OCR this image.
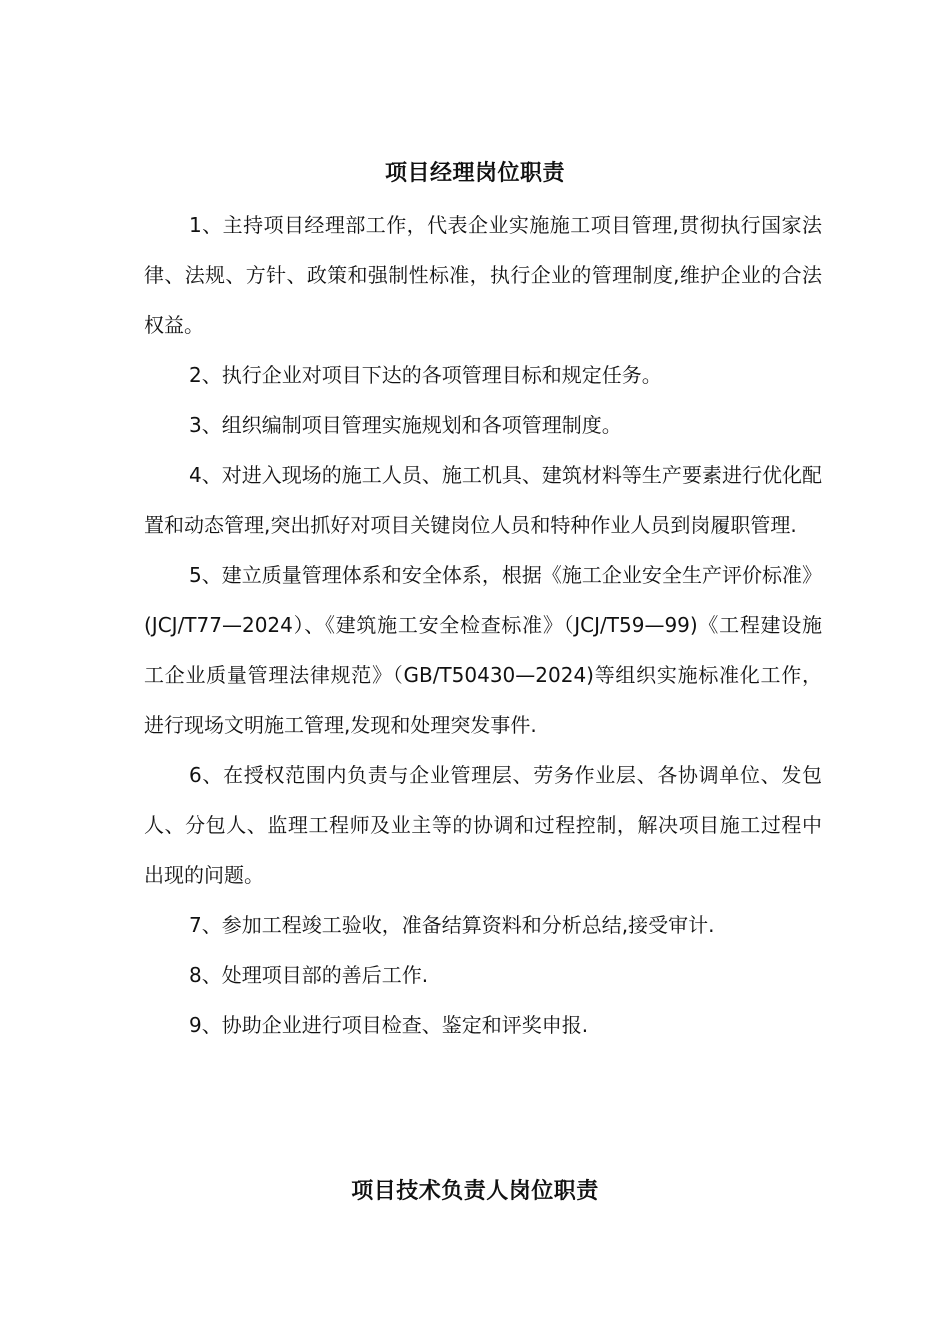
项目经理岗位职责
1、主持项目经理部工作，代表企业实施施工项目管理,贯彻执行国家法律、法规、方针、政策和强制性标准，执行企业的管理制度,维护企业的合法权益。
2、执行企业对项目下达的各项管理目标和规定任务。
3、组织编制项目管理实施规划和各项管理制度。
4、对进入现场的施工人员、施工机具、建筑材料等生产要素进行优化配置和动态管理,突出抓好对项目关键岗位人员和特种作业人员到岗履职管理.
5、建立质量管理体系和安全体系，根据《施工企业安全生产评价标准》(JCJ/T77—2024）、《建筑施工安全检查标准》（JCJ/T59—99)《工程建设施工企业质量管理法律规范》（GB/T50430—2024)等组织实施标准化工作，进行现场文明施工管理,发现和处理突发事件.
6、在授权范围内负责与企业管理层、劳务作业层、各协调单位、发包人、分包人、监理工程师及业主等的协调和过程控制，解决项目施工过程中出现的问题。
7、参加工程竣工验收，准备结算资料和分析总结,接受审计.
8、处理项目部的善后工作.
9、协助企业进行项目检查、鉴定和评奖申报.
项目技术负责人岗位职责
